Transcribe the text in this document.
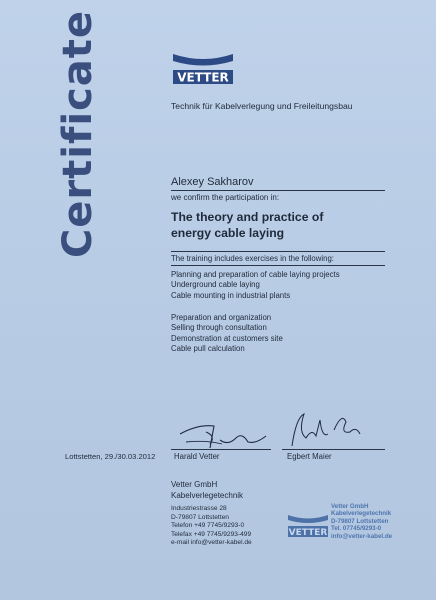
Certificate	VETTER
Technik für Kabelverlegung und Freileitungsbau
Alexey Sakharov
we confirm the participation in:
The theory and practice of
energy cable laying
The training includes exercises in the following:
Planning and preparation of cable laying projects
Underground cable laying
Cable mounting in industrial plants
Preparation and organization
Selling through consultation
Demonstration at customers site
Cable pull calculation
Lottstetten, 29./30.03.2012 Harald Vetter	Egbert Maier
Vetter GmbH
Kabelverlegetechnik
Industriestrasse 28
D-79807 Lottstetten
Telefon +49 7745/9293-0
Telefax +49 7745/9293-499
e-mail info@vetter-kabel.de
VETTER
Vetter GmbH
Kabelverlegetechnik
D-79807 Lottstetten
Tel. 07745/9293-0
info@vetter-kabel.de
